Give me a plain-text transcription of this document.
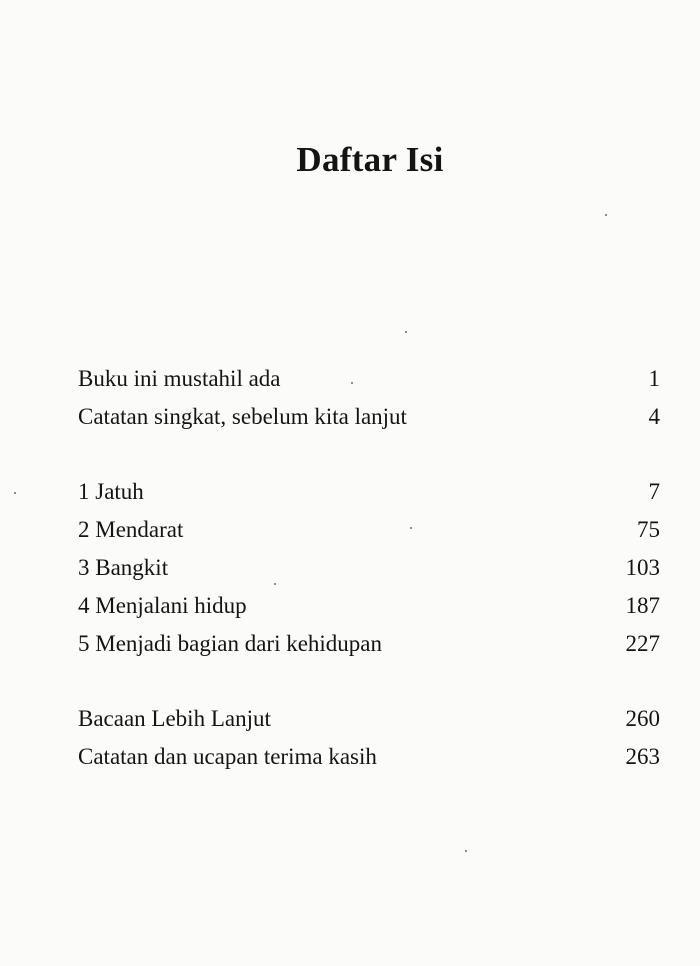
Daftar Isi
Buku ini mustahil ada	1
Catatan singkat, sebelum kita lanjut	4
1 Jatuh	7
2 Mendarat	75
3 Bangkit	103
4 Menjalani hidup	187
5 Menjadi bagian dari kehidupan	227
Bacaan Lebih Lanjut	260
Catatan dan ucapan terima kasih	263
